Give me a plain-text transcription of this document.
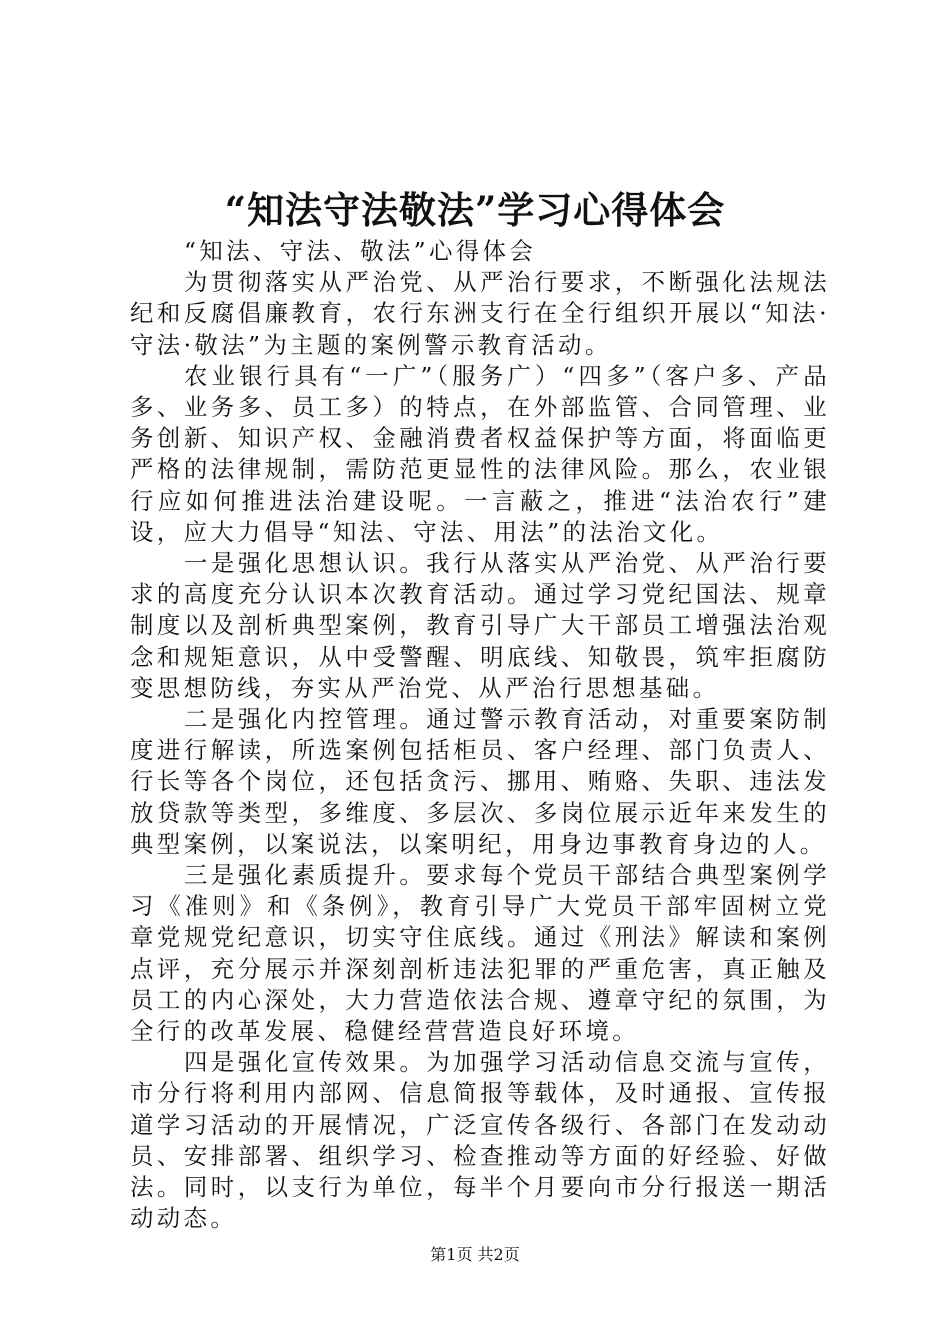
“知法守法敬法”学习心得体会

“知法、守法、敬法”心得体会

为贯彻落实从严治党、从严治行要求，不断强化法规法纪和反腐倡廉教育，农行东洲支行在全行组织开展以“知法·守法·敬法”为主题的案例警示教育活动。

农业银行具有“一广”（服务广）“四多”（客户多、产品多、业务多、员工多）的特点，在外部监管、合同管理、业务创新、知识产权、金融消费者权益保护等方面，将面临更严格的法律规制，需防范更显性的法律风险。那么，农业银行应如何推进法治建设呢。一言蔽之，推进“法治农行”建设，应大力倡导“知法、守法、用法”的法治文化。

一是强化思想认识。我行从落实从严治党、从严治行要求的高度充分认识本次教育活动。通过学习党纪国法、规章制度以及剖析典型案例，教育引导广大干部员工增强法治观念和规矩意识，从中受警醒、明底线、知敬畏，筑牢拒腐防变思想防线，夯实从严治党、从严治行思想基础。

二是强化内控管理。通过警示教育活动，对重要案防制度进行解读，所选案例包括柜员、客户经理、部门负责人、行长等各个岗位，还包括贪污、挪用、贿赂、失职、违法发放贷款等类型，多维度、多层次、多岗位展示近年来发生的典型案例，以案说法，以案明纪，用身边事教育身边的人。

三是强化素质提升。要求每个党员干部结合典型案例学习《准则》和《条例》，教育引导广大党员干部牢固树立党章党规党纪意识，切实守住底线。通过《刑法》解读和案例点评，充分展示并深刻剖析违法犯罪的严重危害，真正触及员工的内心深处，大力营造依法合规、遵章守纪的氛围，为全行的改革发展、稳健经营营造良好环境。

四是强化宣传效果。为加强学习活动信息交流与宣传，市分行将利用内部网、信息简报等载体，及时通报、宣传报道学习活动的开展情况，广泛宣传各级行、各部门在发动动员、安排部署、组织学习、检查推动等方面的好经验、好做法。同时，以支行为单位，每半个月要向市分行报送一期活动动态。

第1页 共2页
